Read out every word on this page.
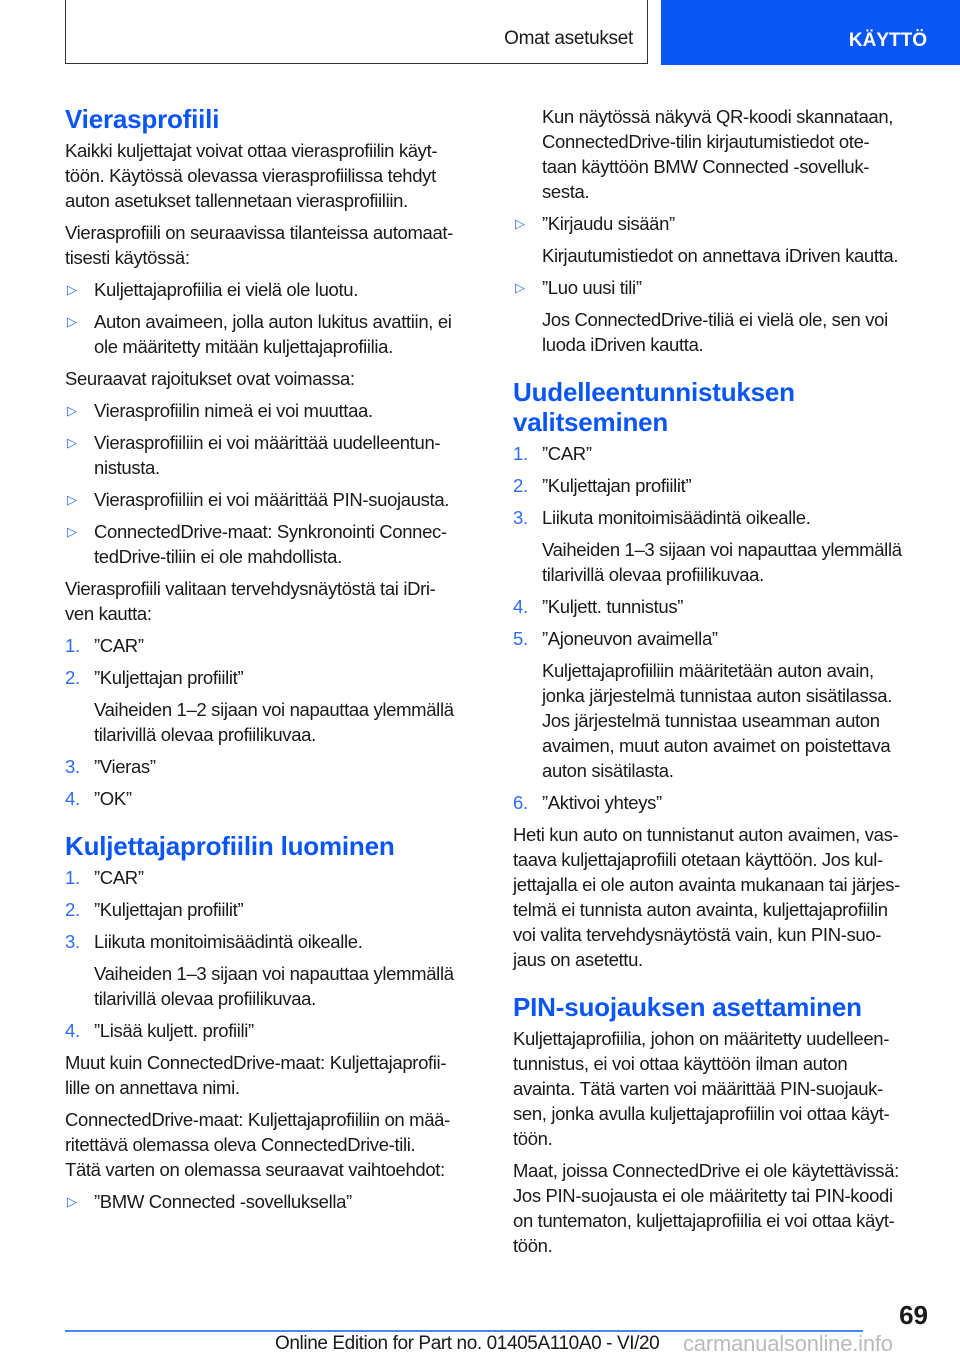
Omat asetukset	KÄYTTÖ
Vierasprofiili
Kaikki kuljettajat voivat ottaa vierasprofiilin käyt-
töön. Käytössä olevassa vierasprofiilissa tehdyt
auton asetukset tallennetaan vierasprofiiliin.
Vierasprofiili on seuraavissa tilanteissa automaat-
tisesti käytössä:
▷ Kuljettajaprofiilia ei vielä ole luotu.
▷ Auton avaimeen, jolla auton lukitus avattiin, ei
ole määritetty mitään kuljettajaprofiilia.
Seuraavat rajoitukset ovat voimassa:
▷ Vierasprofiilin nimeä ei voi muuttaa.
▷ Vierasprofiiliin ei voi määrittää uudelleentun-
nistusta.
▷ Vierasprofiiliin ei voi määrittää PIN-suojausta.
▷ ConnectedDrive-maat: Synkronointi Connec-
tedDrive-tiliin ei ole mahdollista.
Vierasprofiili valitaan tervehdysnäytöstä tai iDri-
ven kautta:
1. ”CAR”
2. ”Kuljettajan profiilit”
Vaiheiden 1–2 sijaan voi napauttaa ylemmällä
tilarivillä olevaa profiilikuvaa.
3. ”Vieras”
4. ”OK”
Kuljettajaprofiilin luominen
1. ”CAR”
2. ”Kuljettajan profiilit”
3. Liikuta monitoimisäädintä oikealle.
Vaiheiden 1–3 sijaan voi napauttaa ylemmällä
tilarivillä olevaa profiilikuvaa.
4. ”Lisää kuljett. profiili”
Muut kuin ConnectedDrive-maat: Kuljettajaprofii-
lille on annettava nimi.
ConnectedDrive-maat: Kuljettajaprofiiliin on mää-
ritettävä olemassa oleva ConnectedDrive-tili.
Tätä varten on olemassa seuraavat vaihtoehdot:
▷ ”BMW Connected -sovelluksella”
Kun näytössä näkyvä QR-koodi skannataan,
ConnectedDrive-tilin kirjautumistiedot ote-
taan käyttöön BMW Connected -sovelluk-
sesta.
▷ ”Kirjaudu sisään”
Kirjautumistiedot on annettava iDriven kautta.
▷ ”Luo uusi tili”
Jos ConnectedDrive-tiliä ei vielä ole, sen voi
luoda iDriven kautta.
Uudelleentunnistuksen
valitseminen
1. ”CAR”
2. ”Kuljettajan profiilit”
3. Liikuta monitoimisäädintä oikealle.
Vaiheiden 1–3 sijaan voi napauttaa ylemmällä
tilarivillä olevaa profiilikuvaa.
4. ”Kuljett. tunnistus”
5. ”Ajoneuvon avaimella”
Kuljettajaprofiiliin määritetään auton avain,
jonka järjestelmä tunnistaa auton sisätilassa.
Jos järjestelmä tunnistaa useamman auton
avaimen, muut auton avaimet on poistettava
auton sisätilasta.
6. ”Aktivoi yhteys”
Heti kun auto on tunnistanut auton avaimen, vas-
taava kuljettajaprofiili otetaan käyttöön. Jos kul-
jettajalla ei ole auton avainta mukanaan tai järjes-
telmä ei tunnista auton avainta, kuljettajaprofiilin
voi valita tervehdysnäytöstä vain, kun PIN-suo-
jaus on asetettu.
PIN-suojauksen asettaminen
Kuljettajaprofiilia, johon on määritetty uudelleen-
tunnistus, ei voi ottaa käyttöön ilman auton
avainta. Tätä varten voi määrittää PIN-suojauk-
sen, jonka avulla kuljettajaprofiilin voi ottaa käyt-
töön.
Maat, joissa ConnectedDrive ei ole käytettävissä:
Jos PIN-suojausta ei ole määritetty tai PIN-koodi
on tuntematon, kuljettajaprofiilia ei voi ottaa käyt-
töön.
69
Online Edition for Part no. 01405A110A0 - VI/20 carmanualsonline.info
